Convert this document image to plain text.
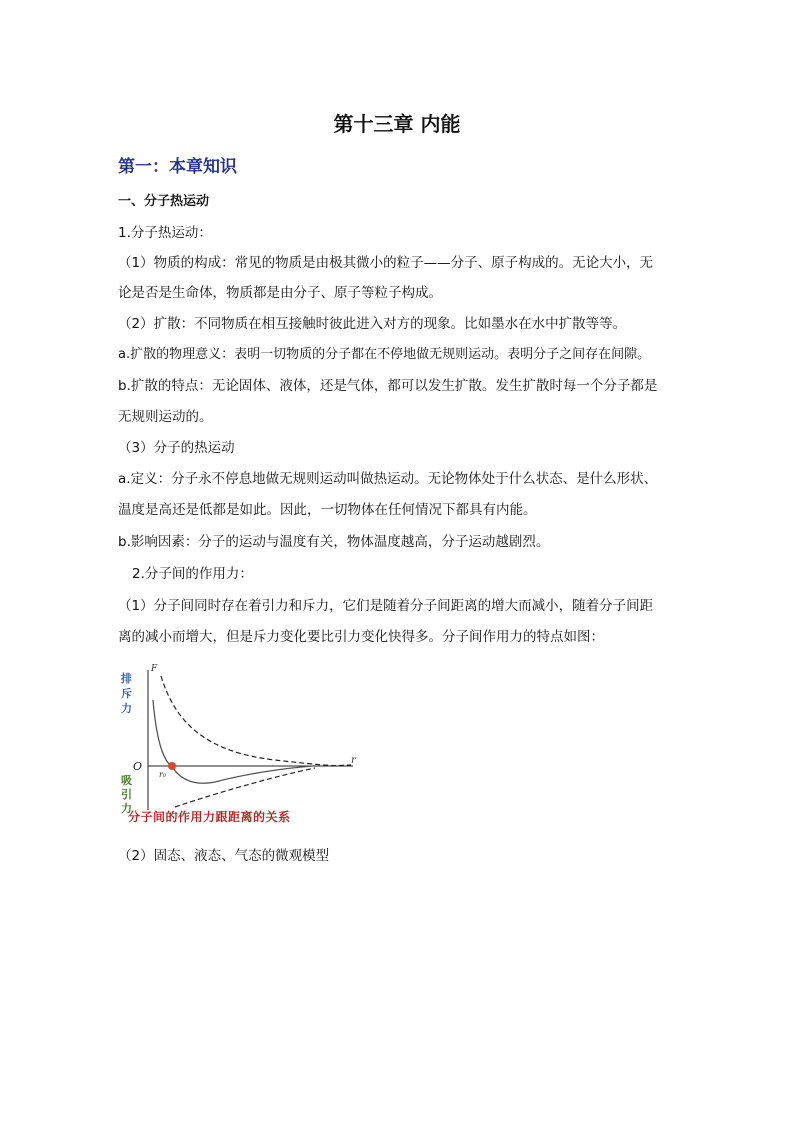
第十三章 内能
第一：本章知识
一、分子热运动
1.分子热运动：
（1）物质的构成：常见的物质是由极其微小的粒子——分子、原子构成的。无论大小，无
论是否是生命体，物质都是由分子、原子等粒子构成。
（2）扩散：不同物质在相互接触时彼此进入对方的现象。比如墨水在水中扩散等等。
a.扩散的物理意义：表明一切物质的分子都在不停地做无规则运动。表明分子之间存在间隙。
b.扩散的特点：无论固体、液体，还是气体，都可以发生扩散。发生扩散时每一个分子都是
无规则运动的。
（3）分子的热运动
a.定义：分子永不停息地做无规则运动叫做热运动。无论物体处于什么状态、是什么形状、
温度是高还是低都是如此。因此，一切物体在任何情况下都具有内能。
b.影响因素：分子的运动与温度有关，物体温度越高，分子运动越剧烈。
2.分子间的作用力：
（1）分子间同时存在着引力和斥力，它们是随着分子间距离的增大而减小，随着分子间距
离的减小而增大，但是斥力变化要比引力变化快得多。分子间作用力的特点如图：
F
r
O
r₀
排
斥
力
吸
引
力
分子间的作用力跟距离的关系
（2）固态、液态、气态的微观模型
